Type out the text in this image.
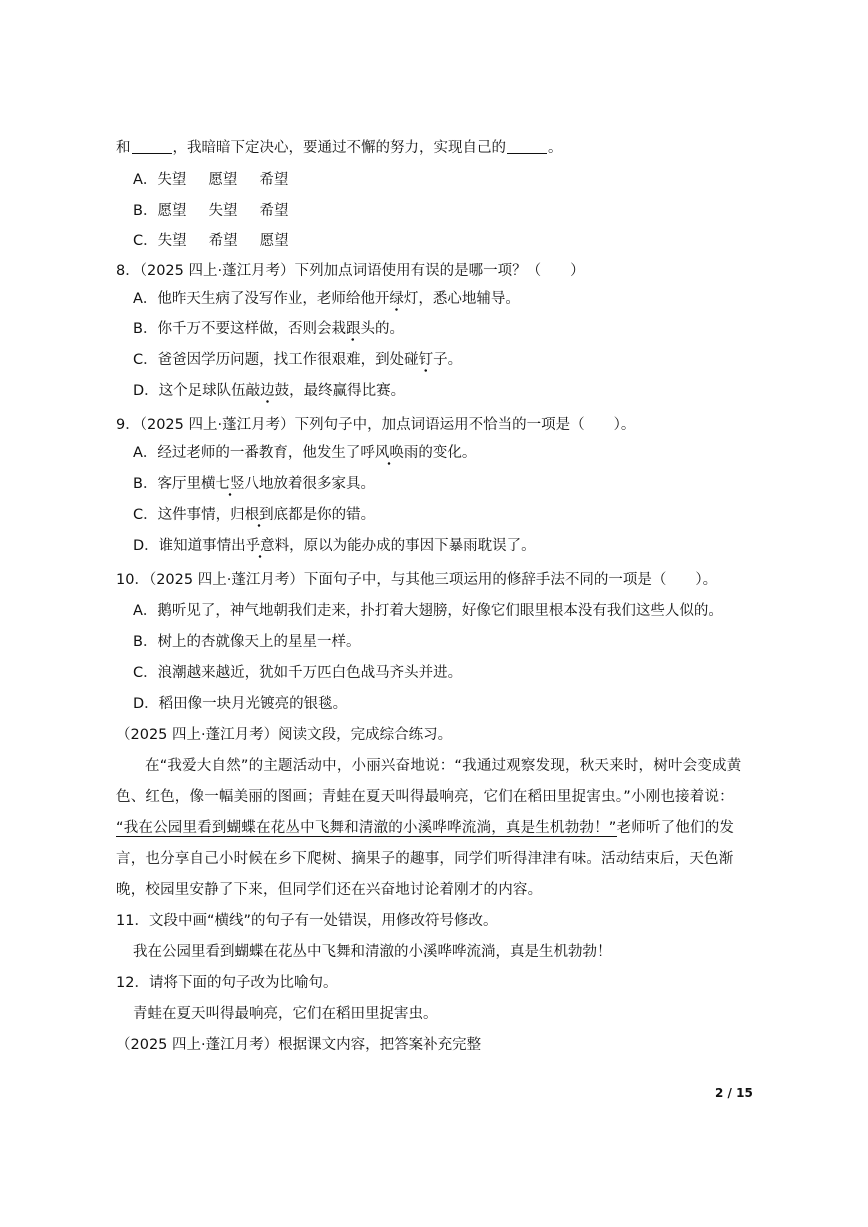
和	，我暗暗下定决心，要通过不懈的努力，实现自己的	。
A．失望 愿望 希望
B．愿望 失望 希望
C．失望 希望 愿望
8．（2025 四上·蓬江月考）下列加点词语使用有误的是哪一项？（　　）
A．他昨天生病了没写作业，老师给他开绿灯，悉心地辅导。
B．你千万不要这样做，否则会栽跟头的。
C．爸爸因学历问题，找工作很艰难，到处碰钉子。
D．这个足球队伍敲边鼓，最终赢得比赛。
9．（2025 四上·蓬江月考）下列句子中，加点词语运用不恰当的一项是（　　）。
A．经过老师的一番教育，他发生了呼风唤雨的变化。
B．客厅里横七竖八地放着很多家具。
C．这件事情，归根到底都是你的错。
D．谁知道事情出乎意料，原以为能办成的事因下暴雨耽误了。
10．（2025 四上·蓬江月考）下面句子中，与其他三项运用的修辞手法不同的一项是（　　）。
A．鹅听见了，神气地朝我们走来，扑打着大翅膀，好像它们眼里根本没有我们这些人似的。
B．树上的杏就像天上的星星一样。
C．浪潮越来越近，犹如千万匹白色战马齐头并进。
D．稻田像一块月光镀亮的银毯。
（2025 四上·蓬江月考）阅读文段，完成综合练习。
在“我爱大自然”的主题活动中，小丽兴奋地说：“我通过观察发现，秋天来时，树叶会变成黄
色、红色，像一幅美丽的图画；青蛙在夏天叫得最响亮，它们在稻田里捉害虫。”小刚也接着说：
“我在公园里看到蝴蝶在花丛中飞舞和清澈的小溪哗哗流淌，真是生机勃勃！”老师听了他们的发
言，也分享自己小时候在乡下爬树、摘果子的趣事，同学们听得津津有味。活动结束后，天色渐
晚，校园里安静了下来，但同学们还在兴奋地讨论着刚才的内容。
11．文段中画“横线”的句子有一处错误，用修改符号修改。
我在公园里看到蝴蝶在花丛中飞舞和清澈的小溪哗哗流淌，真是生机勃勃！
12．请将下面的句子改为比喻句。
青蛙在夏天叫得最响亮，它们在稻田里捉害虫。
（2025 四上·蓬江月考）根据课文内容，把答案补充完整
2 / 15
